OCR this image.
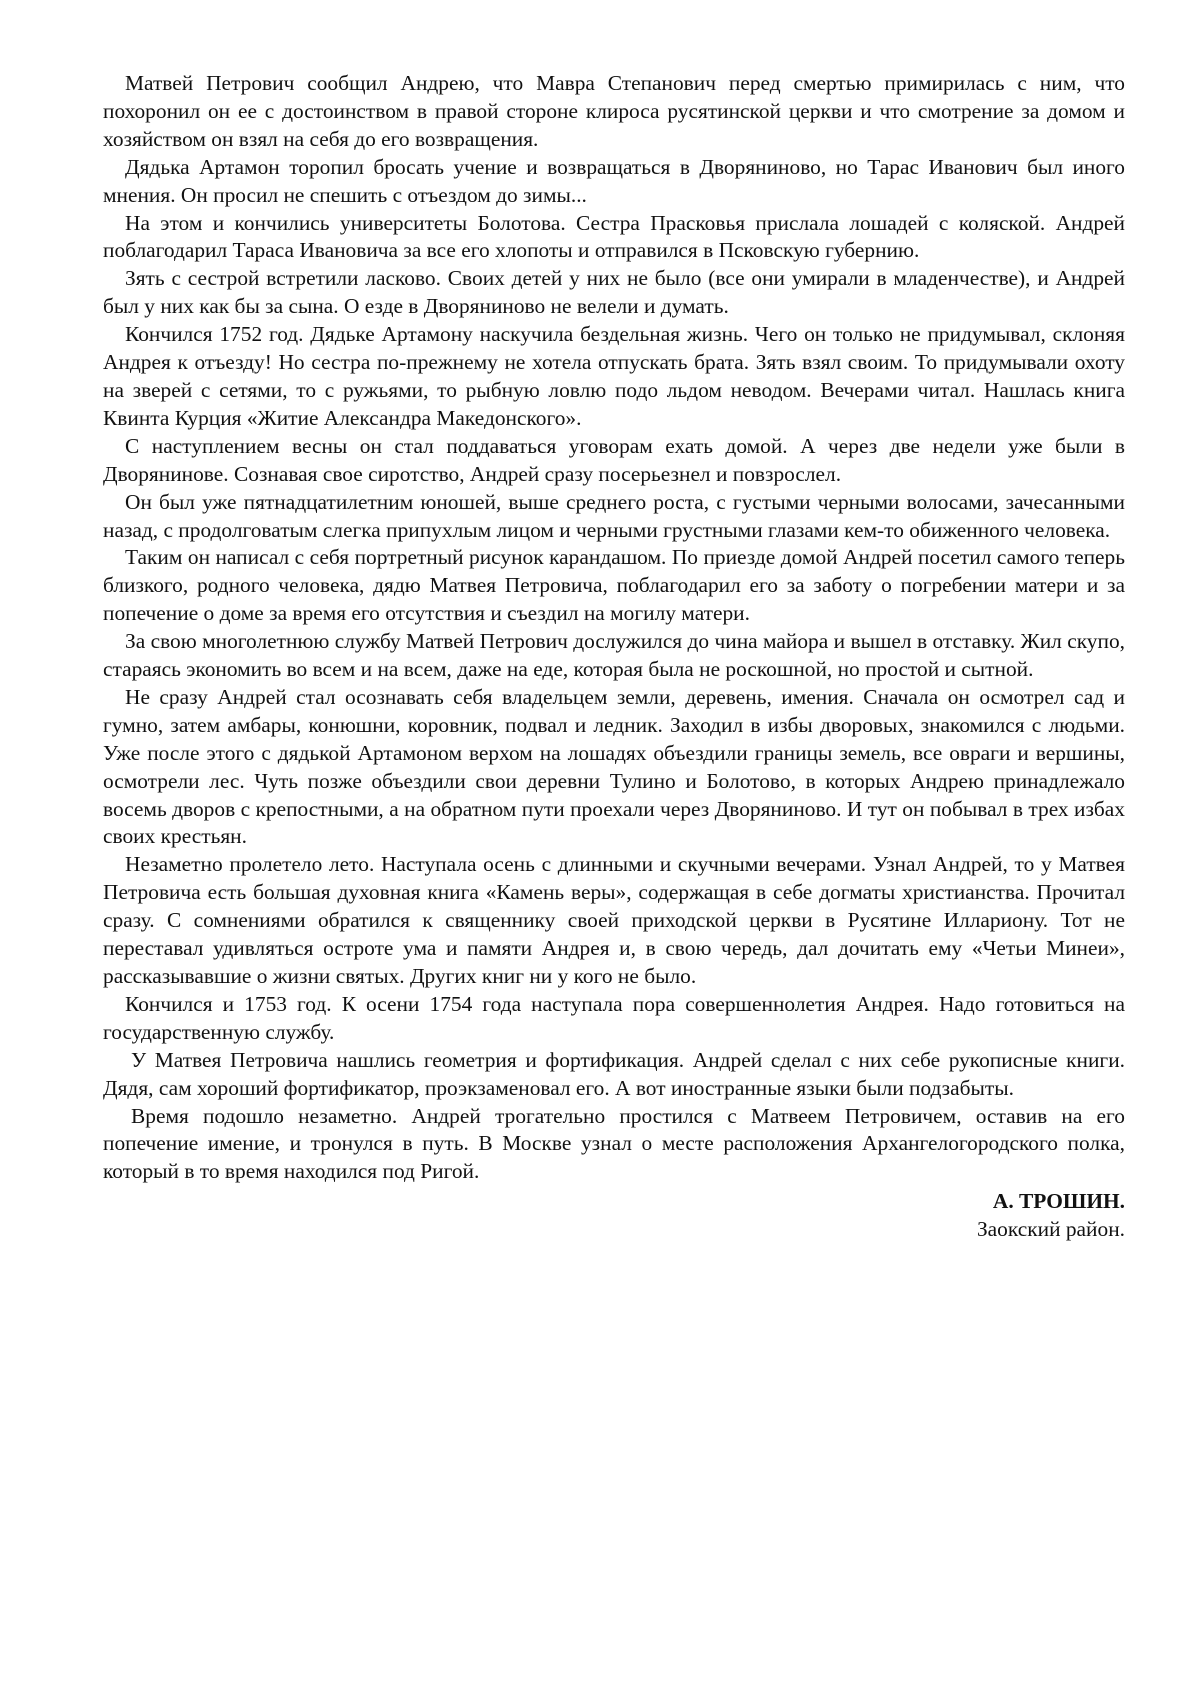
Матвей Петрович сообщил Андрею, что Мавра Степанович перед смертью примирилась с ним, что похоронил он ее с достоинством в правой стороне клироса русятинской церкви и что смотрение за домом и хозяйством он взял на себя до его возвращения.

Дядька Артамон торопил бросать учение и возвращаться в Дворяниново, но Тарас Иванович был иного мнения. Он просил не спешить с отъездом до зимы...

На этом и кончились университеты Болотова. Сестра Прасковья прислала лошадей с коляской. Андрей поблагодарил Тараса Ивановича за все его хлопоты и отправился в Псковскую губернию.

Зять с сестрой встретили ласково. Своих детей у них не было (все они умирали в младенчестве), и Андрей был у них как бы за сына. О езде в Дворяниново не велели и думать.

Кончился 1752 год. Дядьке Артамону наскучила бездельная жизнь. Чего он только не придумывал, склоняя Андрея к отъезду! Но сестра по-прежнему не хотела отпускать брата. Зять взял своим. То придумывали охоту на зверей с сетями, то с ружьями, то рыбную ловлю подо льдом неводом. Вечерами читал. Нашлась книга Квинта Курция «Житие Александра Македонского».

С наступлением весны он стал поддаваться уговорам ехать домой. А через две недели уже были в Дворянинове. Сознавая свое сиротство, Андрей сразу посерьезнел и повзрослел.

Он был уже пятнадцатилетним юношей, выше среднего роста, с густыми черными волосами, зачесанными назад, с продолговатым слегка припухлым лицом и черными грустными глазами кем-то обиженного человека.

Таким он написал с себя портретный рисунок карандашом. По приезде домой Андрей посетил самого теперь близкого, родного человека, дядю Матвея Петровича, поблагодарил его за заботу о погребении матери и за попечение о доме за время его отсутствия и съездил на могилу матери.

За свою многолетнюю службу Матвей Петрович дослужился до чина майора и вышел в отставку. Жил скупо, стараясь экономить во всем и на всем, даже на еде, которая была не роскошной, но простой и сытной.

Не сразу Андрей стал осознавать себя владельцем земли, деревень, имения. Сначала он осмотрел сад и гумно, затем амбары, конюшни, коровник, подвал и ледник. Заходил в избы дворовых, знакомился с людьми. Уже после этого с дядькой Артамоном верхом на лошадях объездили границы земель, все овраги и вершины, осмотрели лес. Чуть позже объездили свои деревни Тулино и Болотово, в которых Андрею принадлежало восемь дворов с крепостными, а на обратном пути проехали через Дворяниново. И тут он побывал в трех избах своих крестьян.

Незаметно пролетело лето. Наступала осень с длинными и скучными вечерами. Узнал Андрей, то у Матвея Петровича есть большая духовная книга «Камень веры», содержащая в себе догматы христианства. Прочитал сразу. С сомнениями обратился к священнику своей приходской церкви в Русятине Иллариону. Тот не переставал удивляться остроте ума и памяти Андрея и, в свою черeдь, дал дочитать ему «Четьи Минеи», рассказывавшие о жизни святых. Других книг ни у кого не было.

Кончился и 1753 год. К осени 1754 года наступала пора совершеннолетия Андрея. Надо готовиться на государственную службу.

У Матвея Петровича нашлись геометрия и фортификация. Андрей сделал с них себе рукописные книги. Дядя, сам хороший фортификатор, проэкзаменовал его. А вот иностранные языки были подзабыты.

Время подошло незаметно. Андрей трогательно простился с Матвеем Петровичем, оставив на его попечение имение, и тронулся в путь. В Москве узнал о месте расположения Архангелогородского полка, который в то время находился под Ригой.

А. ТРОШИН.

Заокский район.
